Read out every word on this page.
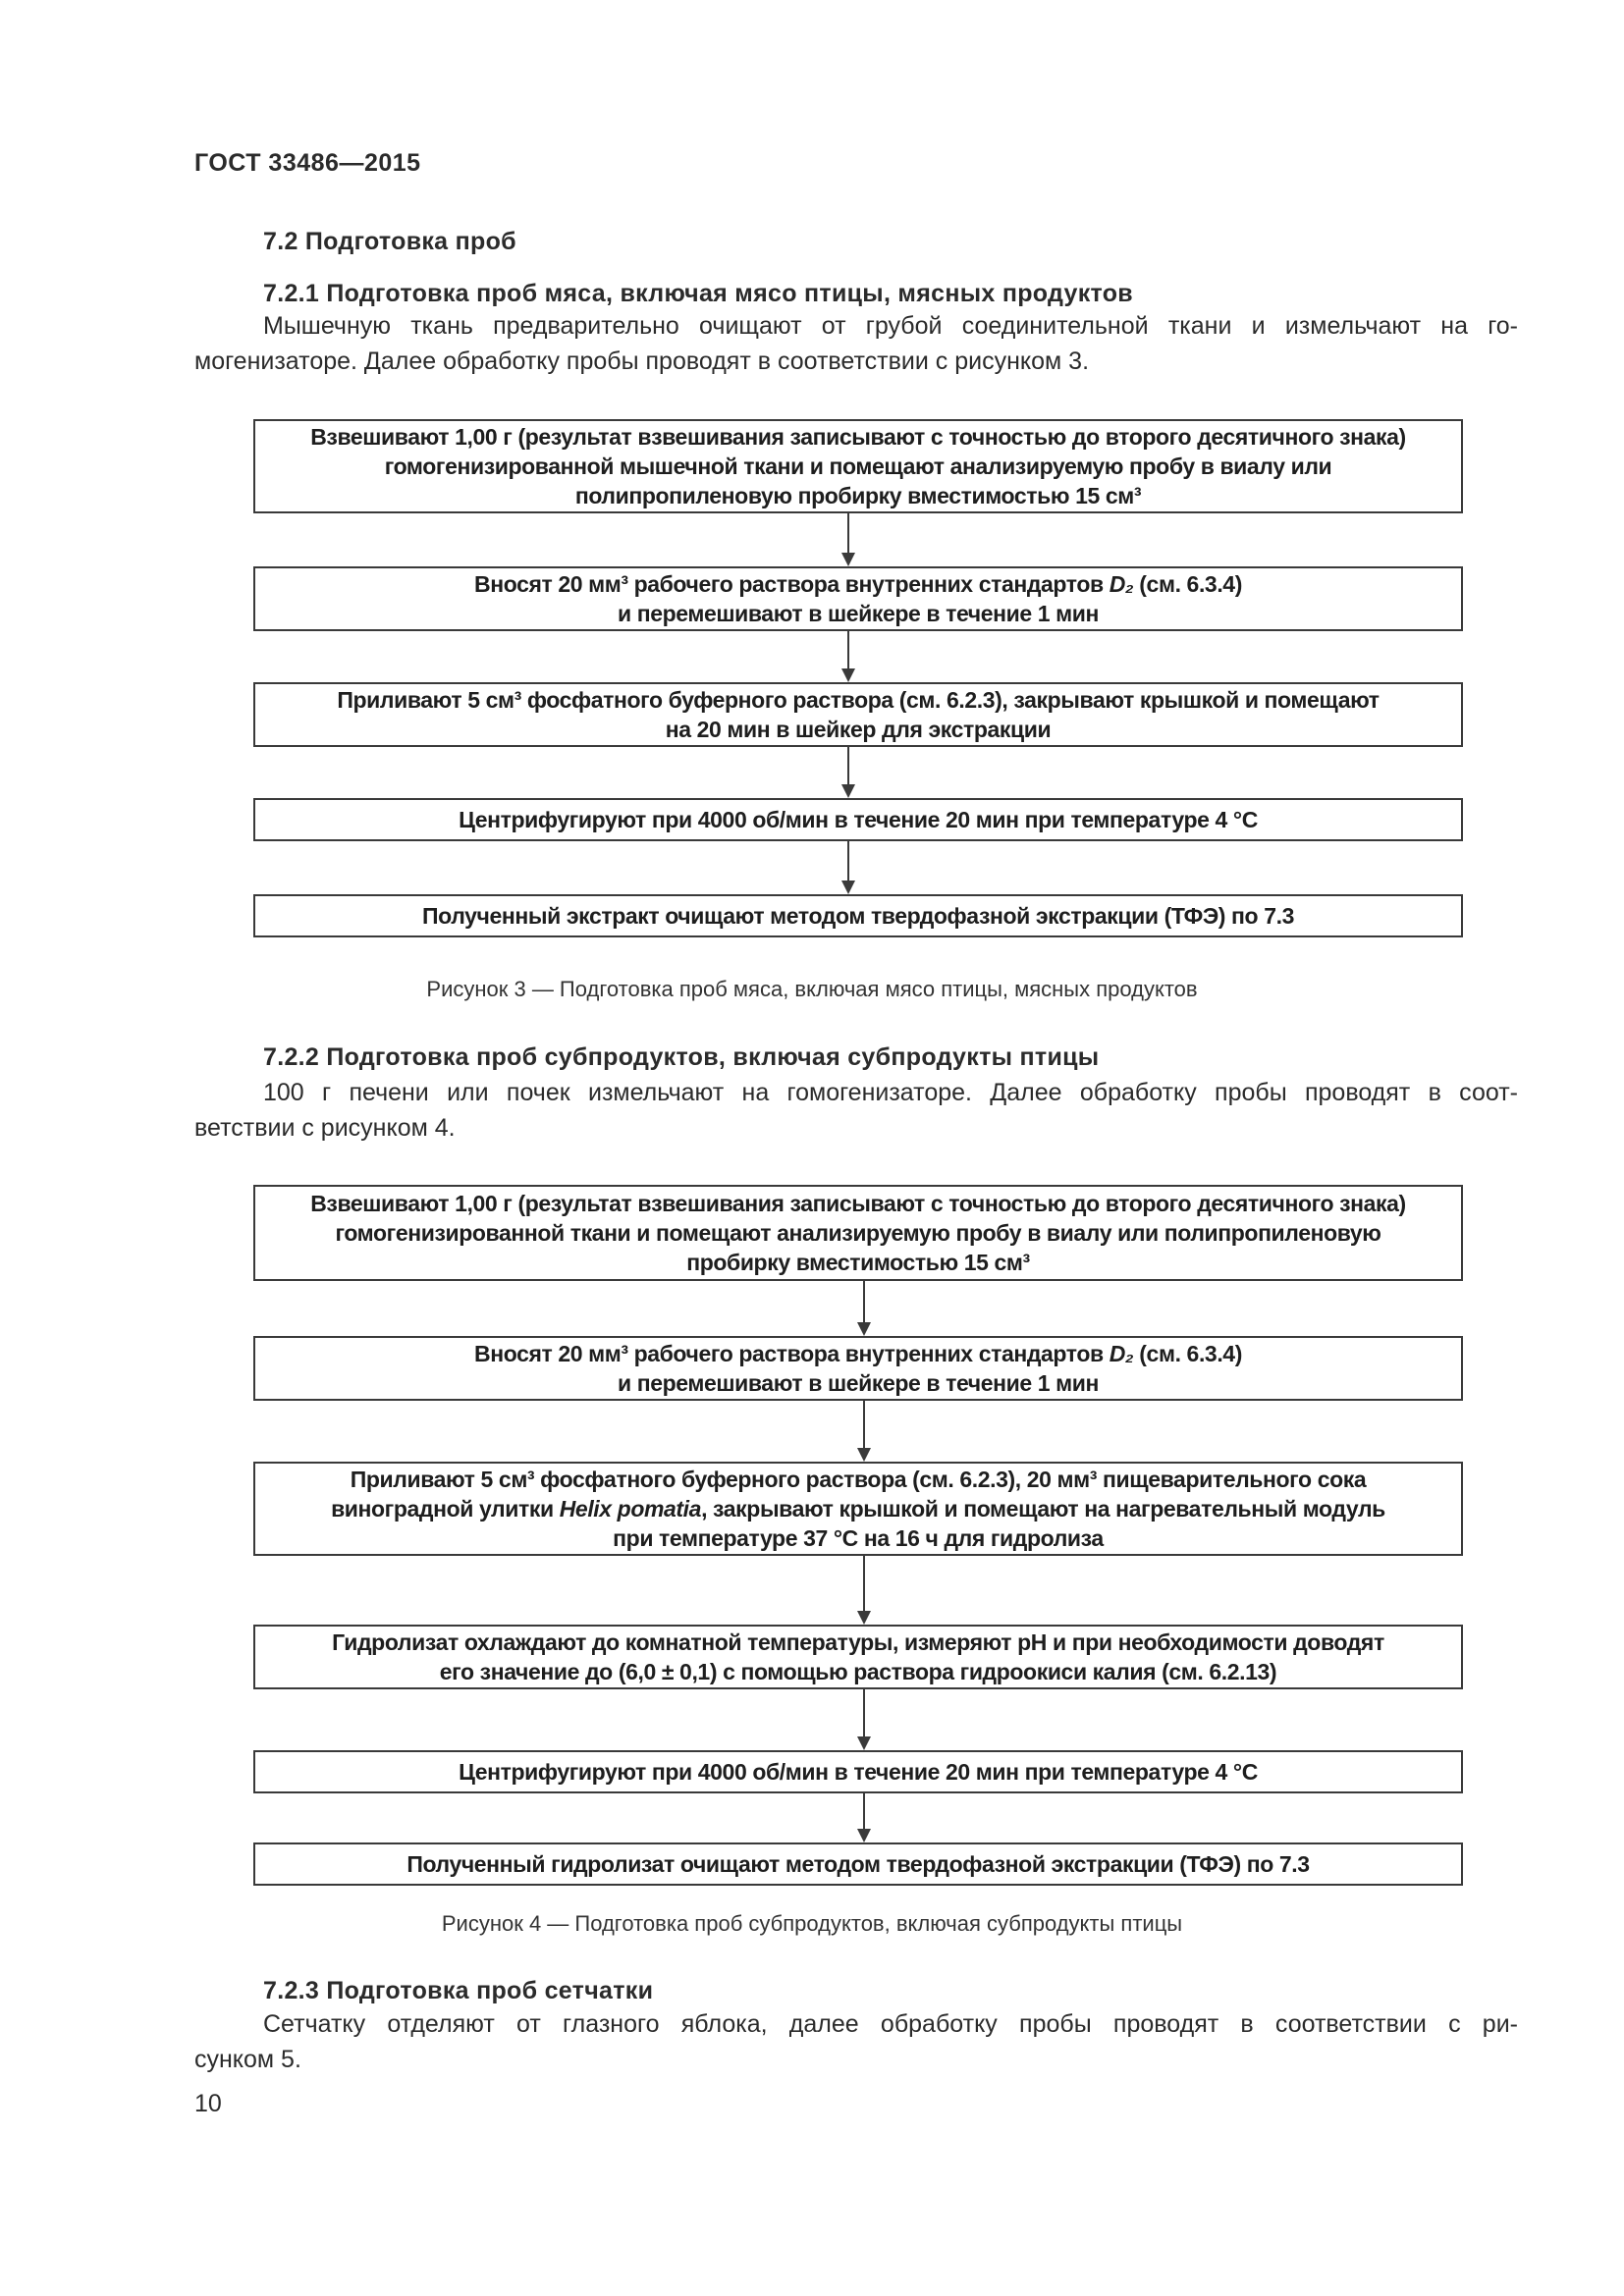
ГОСТ 33486—2015
7.2 Подготовка проб
7.2.1 Подготовка проб мяса, включая мясо птицы, мясных продуктов
Мышечную ткань предварительно очищают от грубой соединительной ткани и измельчают на го-
могенизаторе. Далее обработку пробы проводят в соответствии с рисунком 3.
Взвешивают 1,00 г (результат взвешивания записывают с точностью до второго десятичного знака)
гомогенизированной мышечной ткани и помещают анализируемую пробу в виалу или
полипропиленовую пробирку вместимостью 15 см³
Вносят 20 мм³ рабочего раствора внутренних стандартов D₂ (см. 6.3.4)
и перемешивают в шейкере в течение 1 мин
Приливают 5 см³ фосфатного буферного раствора (см. 6.2.3), закрывают крышкой и помещают
на 20 мин в шейкер для экстракции
Центрифугируют при 4000 об/мин в течение 20 мин при температуре 4 °С
Полученный экстракт очищают методом твердофазной экстракции (ТФЭ) по 7.3
Рисунок 3 — Подготовка проб мяса, включая мясо птицы, мясных продуктов
7.2.2 Подготовка проб субпродуктов, включая субпродукты птицы
100 г печени или почек измельчают на гомогенизаторе. Далее обработку пробы проводят в соот-
ветствии с рисунком 4.
Взвешивают 1,00 г (результат взвешивания записывают с точностью до второго десятичного знака)
гомогенизированной ткани и помещают анализируемую пробу в виалу или полипропиленовую
пробирку вместимостью 15 см³
Вносят 20 мм³ рабочего раствора внутренних стандартов D₂ (см. 6.3.4)
и перемешивают в шейкере в течение 1 мин
Приливают 5 см³ фосфатного буферного раствора (см. 6.2.3), 20 мм³ пищеварительного сока
виноградной улитки Helix pomatia, закрывают крышкой и помещают на нагревательный модуль
при температуре 37 °С на 16 ч для гидролиза
Гидролизат охлаждают до комнатной температуры, измеряют рН и при необходимости доводят
его значение до (6,0 ± 0,1) с помощью раствора гидроокиси калия (см. 6.2.13)
Центрифугируют при 4000 об/мин в течение 20 мин при температуре 4 °С
Полученный гидролизат очищают методом твердофазной экстракции (ТФЭ) по 7.3
Рисунок 4 — Подготовка проб субпродуктов, включая субпродукты птицы
7.2.3 Подготовка проб сетчатки
Сетчатку отделяют от глазного яблока, далее обработку пробы проводят в соответствии с ри-
сунком 5.
10
